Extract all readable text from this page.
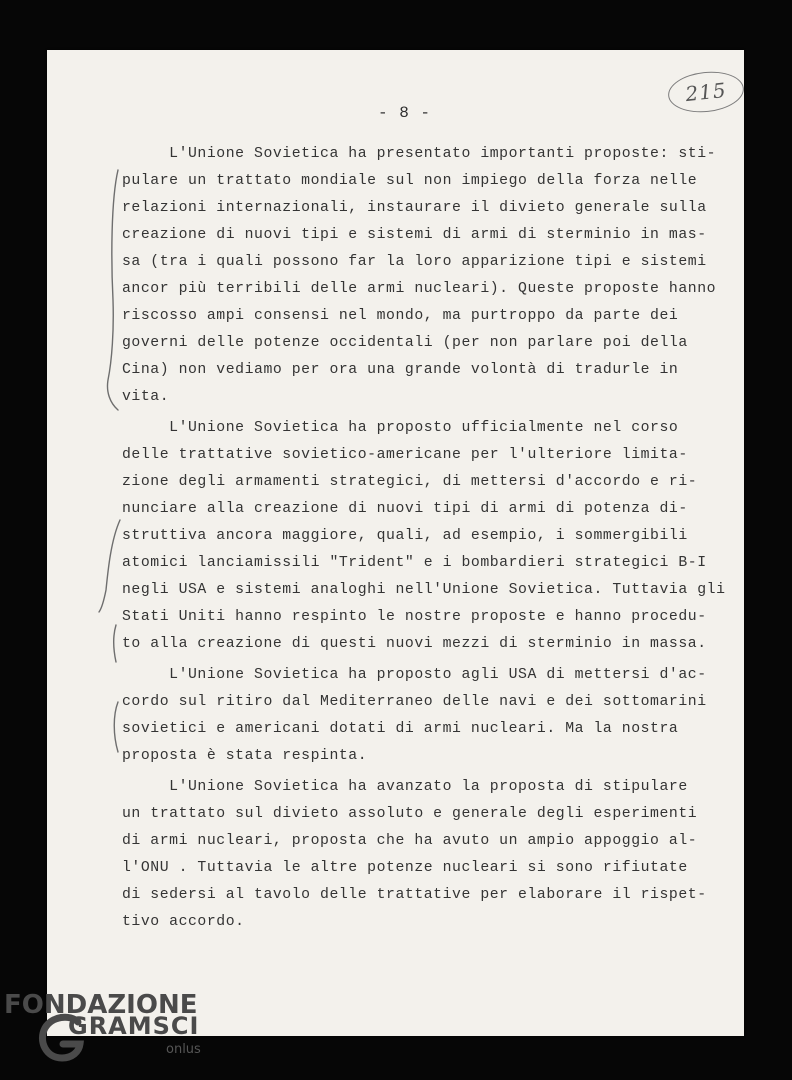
215
- 8 -
L'Unione Sovietica ha presentato importanti proposte: sti-
pulare un trattato mondiale sul non impiego della forza nelle
relazioni internazionali, instaurare il divieto generale sulla
creazione di nuovi tipi e sistemi di armi di sterminio in mas-
sa (tra i quali possono far la loro apparizione tipi e sistemi
ancor più terribili delle armi nucleari). Queste proposte hanno
riscosso ampi consensi nel mondo, ma purtroppo da parte dei
governi delle potenze occidentali (per non parlare poi della
Cina) non vediamo per ora una grande volontà di tradurle in
vita.
L'Unione Sovietica ha proposto ufficialmente nel corso
delle trattative sovietico-americane per l'ulteriore limita-
zione degli armamenti strategici, di mettersi d'accordo e ri-
nunciare alla creazione di nuovi tipi di armi di potenza di-
struttiva ancora maggiore, quali, ad esempio, i sommergibili
atomici lanciamissili "Trident" e i bombardieri strategici B-I
negli USA e sistemi analoghi nell'Unione Sovietica. Tuttavia gli
Stati Uniti hanno respinto le nostre proposte e hanno procedu-
to alla creazione di questi nuovi mezzi di sterminio in massa.
L'Unione Sovietica ha proposto agli USA di mettersi d'ac-
cordo sul ritiro dal Mediterraneo delle navi e dei sottomarini
sovietici e americani dotati di armi nucleari. Ma la nostra
proposta è stata respinta.
L'Unione Sovietica ha avanzato la proposta di stipulare
un trattato sul divieto assoluto e generale degli esperimenti
di armi nucleari, proposta che ha avuto un ampio appoggio al-
l'ONU . Tuttavia le altre potenze nucleari si sono rifiutate
di sedersi al tavolo delle trattative per elaborare il rispet-
tivo accordo.
FONDAZIONE
GRAMSCI
onlus
